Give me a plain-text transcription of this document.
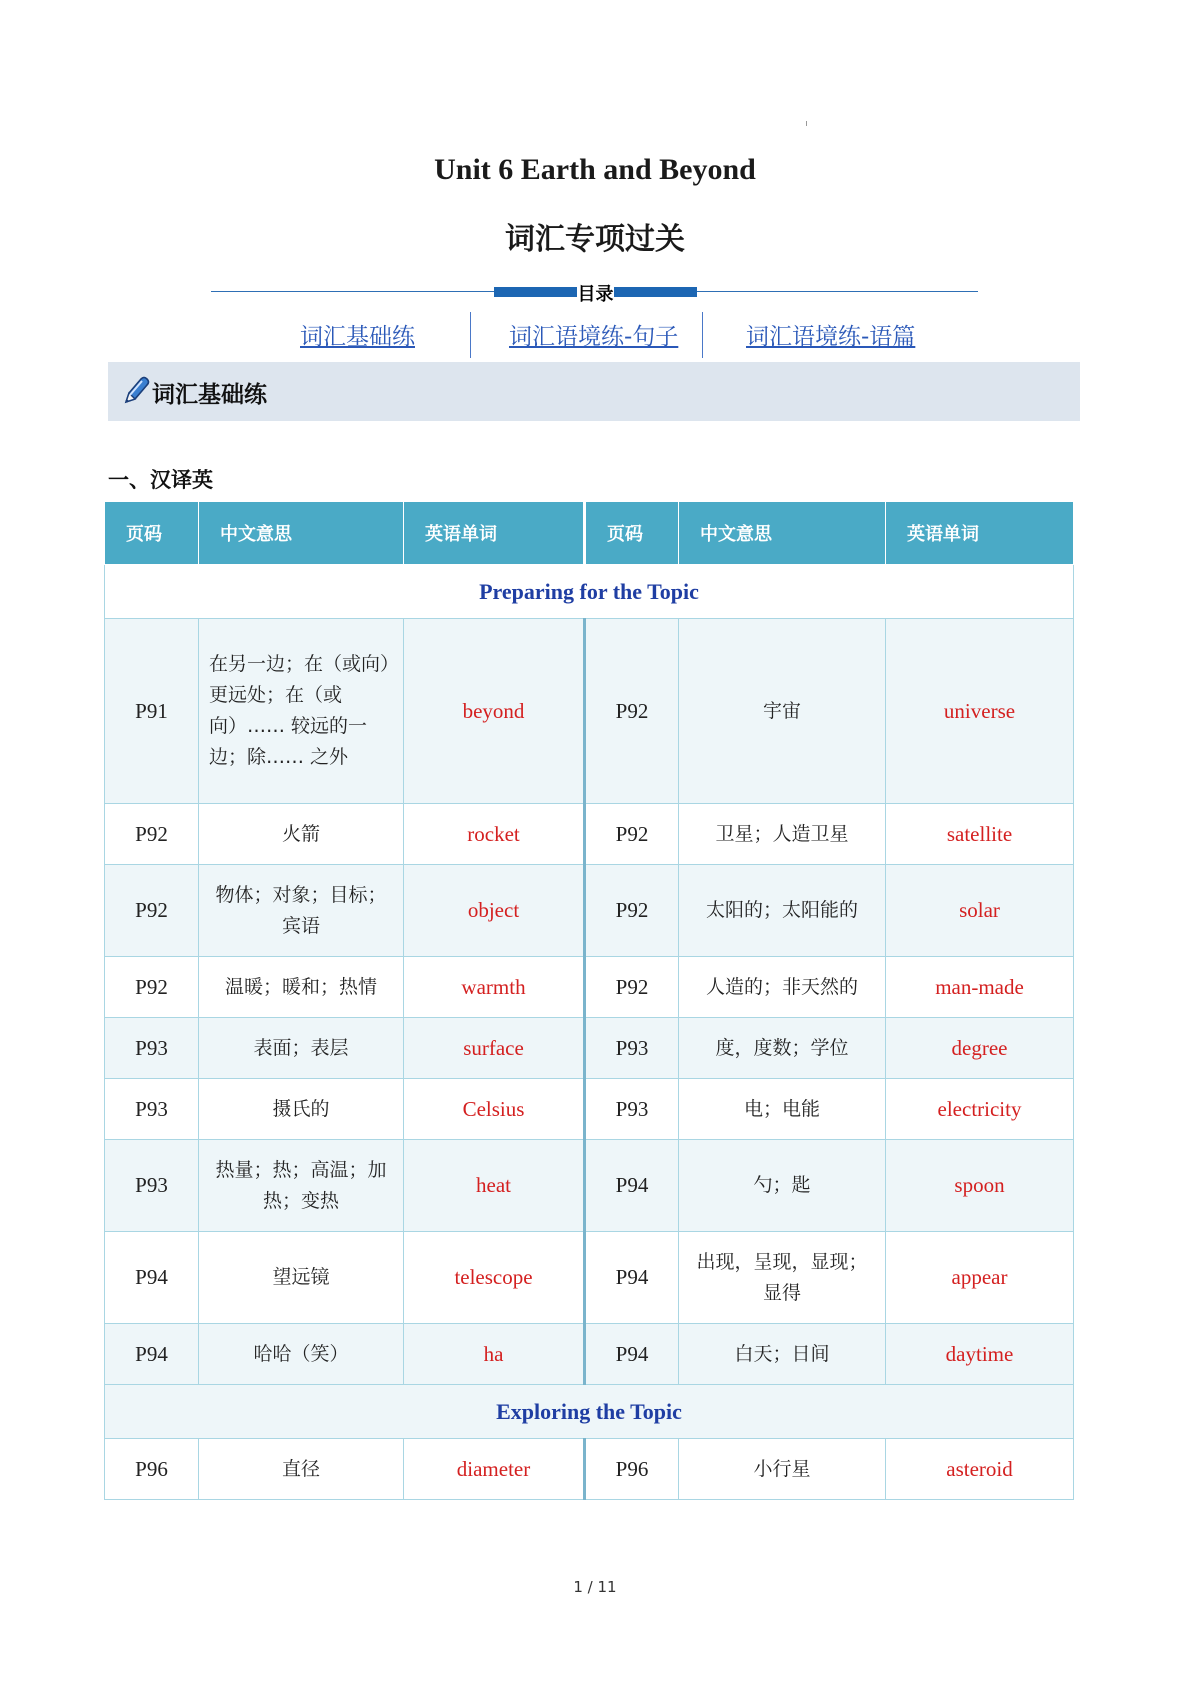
Unit 6 Earth and Beyond
词汇专项过关
目录
词汇基础练	词汇语境练-句子	词汇语境练-语篇
词汇基础练
一、汉译英
页码	中文意思	英语单词	页码	中文意思	英语单词
Preparing for the Topic					
P91	在另一边；在（或向）更远处；在（或向）…… 较远的一边；除…… 之外	beyond	P92	宇宙	universe
P92	火箭	rocket	P92	卫星；人造卫星	satellite
P92	物体；对象；目标；宾语	object	P92	太阳的；太阳能的	solar
P92	温暖；暖和；热情	warmth	P92	人造的；非天然的	man-made
P93	表面；表层	surface	P93	度，度数；学位	degree
P93	摄氏的	Celsius	P93	电；电能	electricity
P93	热量；热；高温；加热；变热	heat	P94	勺；匙	spoon
P94	望远镜	telescope	P94	出现，呈现，显现；显得	appear
P94	哈哈（笑）	ha	P94	白天；日间	daytime
Exploring the Topic					
P96	直径	diameter	P96	小行星	asteroid
1 / 11
